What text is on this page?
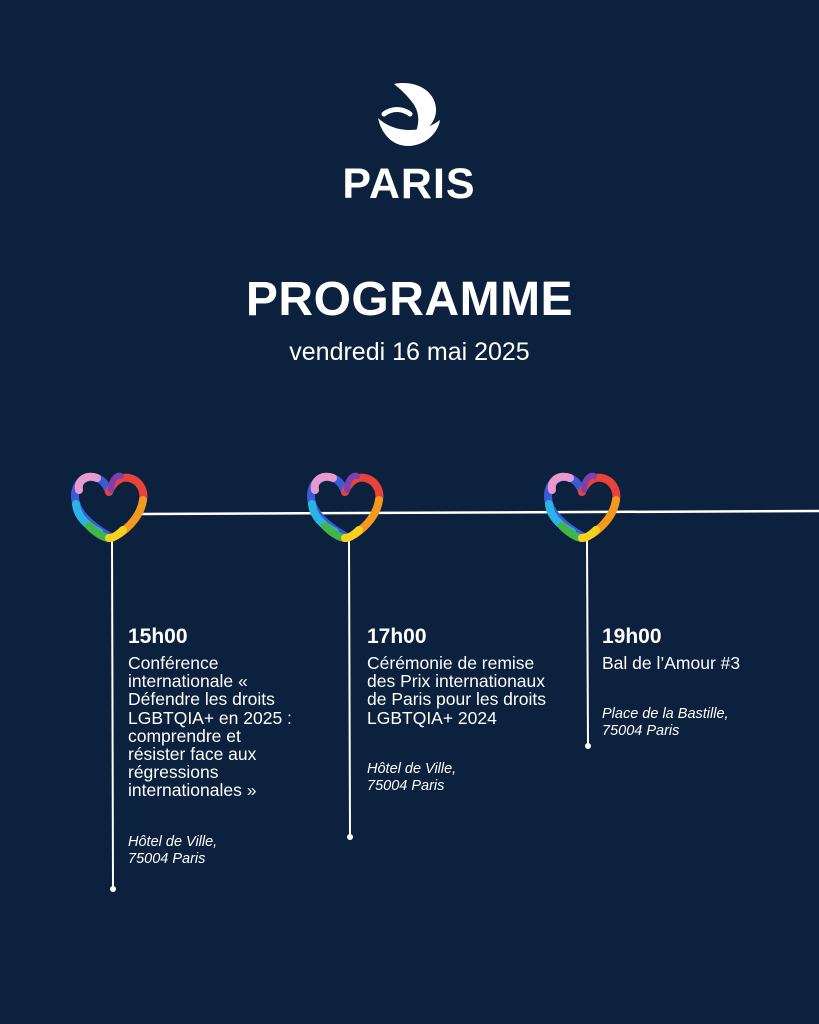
PARIS
PROGRAMME
vendredi 16 mai 2025
15h00
Conférence internationale « Défendre les droits LGBTQIA+ en 2025 : comprendre et résister face aux régressions internationales »
Hôtel de Ville,
75004 Paris
17h00
Cérémonie de remise des Prix internationaux de Paris pour les droits LGBTQIA+ 2024
Hôtel de Ville,
75004 Paris
19h00
Bal de l’Amour #3
Place de la Bastille,
75004 Paris
